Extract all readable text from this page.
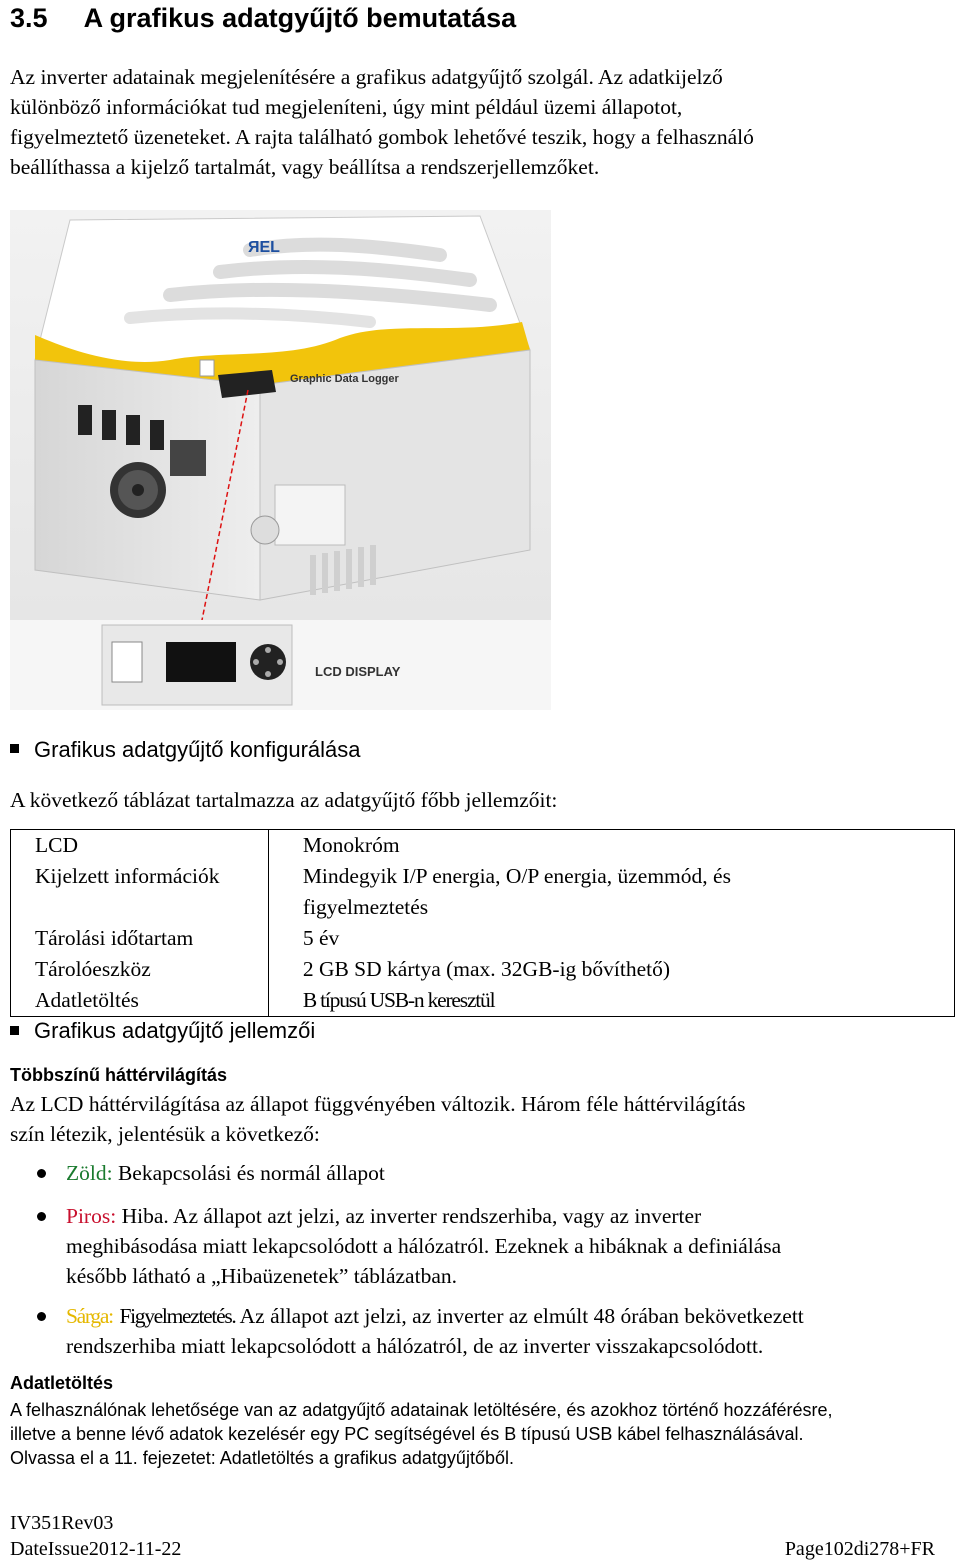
3.5 A grafikus adatgyűjtő bemutatása
Az inverter adatainak megjelenítésére a grafikus adatgyűjtő szolgál. Az adatkijelző
különböző információkat tud megjeleníteni, úgy mint például üzemi állapotot,
figyelmeztető üzeneteket. A rajta található gombok lehetővé teszik, hogy a felhasználó
beállíthassa a kijelző tartalmát, vagy beállítsa a rendszerjellemzőket.
ЯEL
Graphic Data Logger
LCD DISPLAY
Grafikus adatgyűjtő konfigurálása
A következő táblázat tartalmazza az adatgyűjtő főbb jellemzőit:
LCD	Monokróm

Kijelzett információk	Mindegyik I/P energia, O/P energia, üzemmód, és
figyelmeztetés

Tárolási időtartam	5 év

Tárolóeszköz	2 GB SD kártya (max. 32GB-ig bővíthető)

Adatletöltés	B típusú USB-n keresztül
Grafikus adatgyűjtő jellemzői
Többszínű háttérvilágítás
Az LCD háttérvilágítása az állapot függvényében változik. Három féle háttérvilágítás
szín létezik, jelentésük a következő:
Zöld: Bekapcsolási és normál állapot
Piros: Hiba. Az állapot azt jelzi, az inverter rendszerhiba, vagy az inverter
meghibásodása miatt lekapcsolódott a hálózatról. Ezeknek a hibáknak a definiálása
később látható a „Hibaüzenetek” táblázatban.
Sárga: Figyelmeztetés. Az állapot azt jelzi, az inverter az elmúlt 48 órában bekövetkezett
rendszerhiba miatt lekapcsolódott a hálózatról, de az inverter visszakapcsolódott.
Adatletöltés
A felhasználónak lehetősége van az adatgyűjtő adatainak letöltésére, és azokhoz történő hozzáférésre,
illetve a benne lévő adatok kezelésér egy PC segítségével és B típusú USB kábel felhasználásával.
Olvassa el a 11. fejezetet: Adatletöltés a grafikus adatgyűjtőből.
IV351Rev03
DateIssue2012-11-22	Page102di278+FR
